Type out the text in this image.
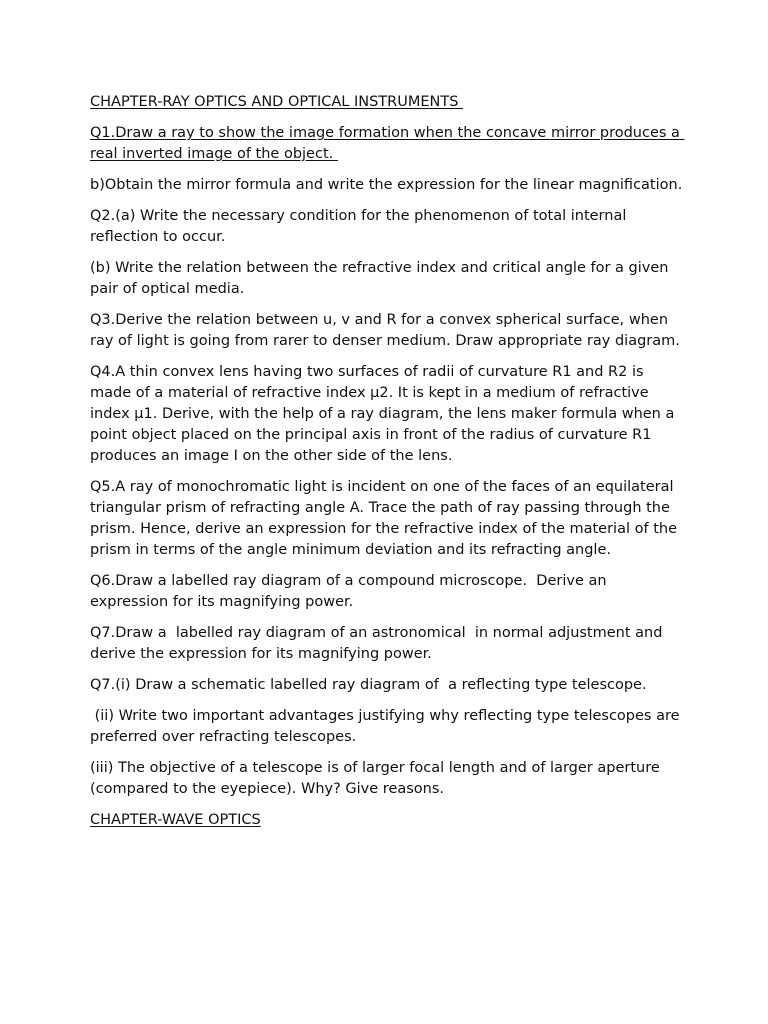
CHAPTER-RAY OPTICS AND OPTICAL INSTRUMENTS

Q1.Draw a ray to show the image formation when the concave mirror produces a real inverted image of the object.

b)Obtain the mirror formula and write the expression for the linear magnification.

Q2.(a) Write the necessary condition for the phenomenon of total internal reflection to occur.

(b) Write the relation between the refractive index and critical angle for a given pair of optical media.

Q3.Derive the relation between u, v and R for a convex spherical surface, when ray of light is going from rarer to denser medium. Draw appropriate ray diagram.

Q4.A thin convex lens having two surfaces of radii of curvature R1 and R2 is made of a material of refractive index µ2. It is kept in a medium of refractive index µ1. Derive, with the help of a ray diagram, the lens maker formula when a point object placed on the principal axis in front of the radius of curvature R1 produces an image I on the other side of the lens.

Q5.A ray of monochromatic light is incident on one of the faces of an equilateral triangular prism of refracting angle A. Trace the path of ray passing through the prism. Hence, derive an expression for the refractive index of the material of the prism in terms of the angle minimum deviation and its refracting angle.

Q6.Draw a labelled ray diagram of a compound microscope.  Derive an expression for its magnifying power.

Q7.Draw a  labelled ray diagram of an astronomical  in normal adjustment and derive the expression for its magnifying power.

Q7.(i) Draw a schematic labelled ray diagram of  a reflecting type telescope.

(ii) Write two important advantages justifying why reflecting type telescopes are preferred over refracting telescopes.

(iii) The objective of a telescope is of larger focal length and of larger aperture (compared to the eyepiece). Why? Give reasons.

CHAPTER-WAVE OPTICS
